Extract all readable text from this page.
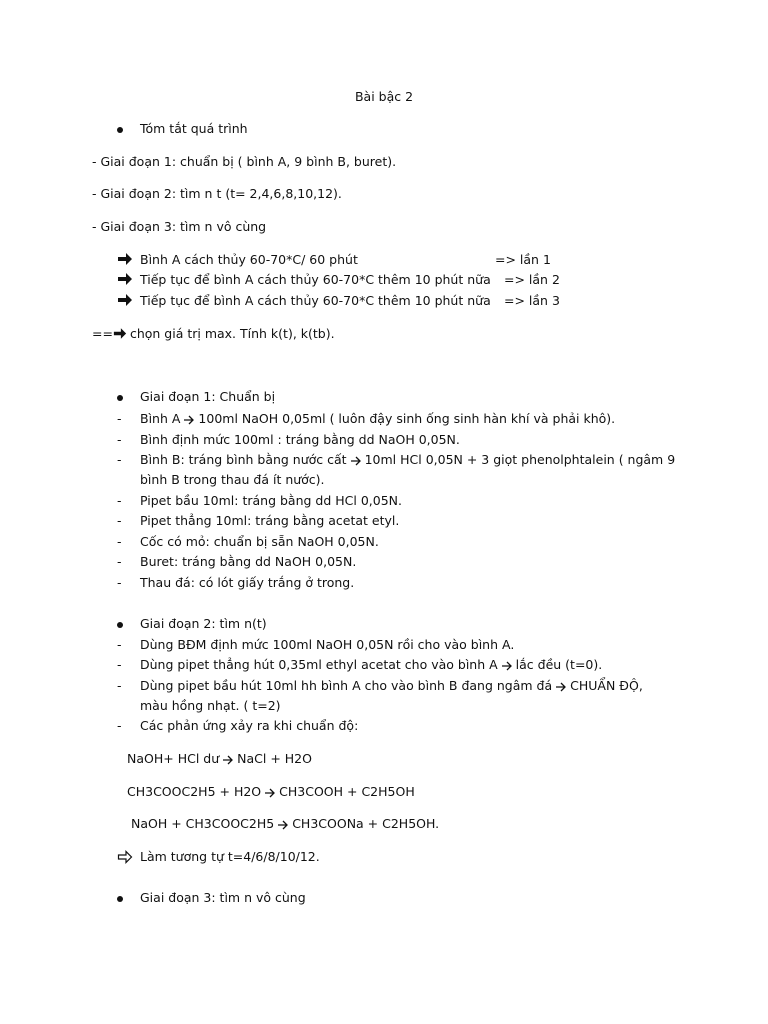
Bài bậc 2
Tóm tắt quá trình
- Giai đoạn 1: chuẩn bị ( bình A, 9 bình B, buret).
- Giai đoạn 2: tìm n t (t= 2,4,6,8,10,12).
- Giai đoạn 3: tìm n vô cùng
Bình A cách thủy 60-70*C/ 60 phút	=> lần 1
Tiếp tục để bình A cách thủy 60-70*C thêm 10 phút nữa => lần 2
Tiếp tục để bình A cách thủy 60-70*C thêm 10 phút nữa => lần 3
== chọn giá trị max. Tính k(t), k(tb).
Giai đoạn 1: Chuẩn bị
- Bình A 100ml NaOH 0,05ml ( luôn đậy sinh ống sinh hàn khí và phải khô).
- Bình định mức 100ml : tráng bằng dd NaOH 0,05N.
- Bình B: tráng bình bằng nước cất 10ml HCl 0,05N + 3 giọt phenolphtalein ( ngâm 9
bình B trong thau đá ít nước).
- Pipet bầu 10ml: tráng bằng dd HCl 0,05N.
- Pipet thẳng 10ml: tráng bằng acetat etyl.
- Cốc có mỏ: chuẩn bị sẵn NaOH 0,05N.
- Buret: tráng bằng dd NaOH 0,05N.
- Thau đá: có lót giấy trắng ở trong.
Giai đoạn 2: tìm n(t)
- Dùng BĐM định mức 100ml NaOH 0,05N rồi cho vào bình A.
- Dùng pipet thẳng hút 0,35ml ethyl acetat cho vào bình A lắc đều (t=0).
- Dùng pipet bầu hút 10ml hh bình A cho vào bình B đang ngâm đá CHUẨN ĐỘ,
màu hồng nhạt. ( t=2)
- Các phản ứng xảy ra khi chuẩn độ:
NaOH+ HCl dư NaCl + H2O
CH3COOC2H5 + H2O CH3COOH + C2H5OH
NaOH + CH3COOC2H5 CH3COONa + C2H5OH.
Làm tương tự t=4/6/8/10/12.
Giai đoạn 3: tìm n vô cùng
